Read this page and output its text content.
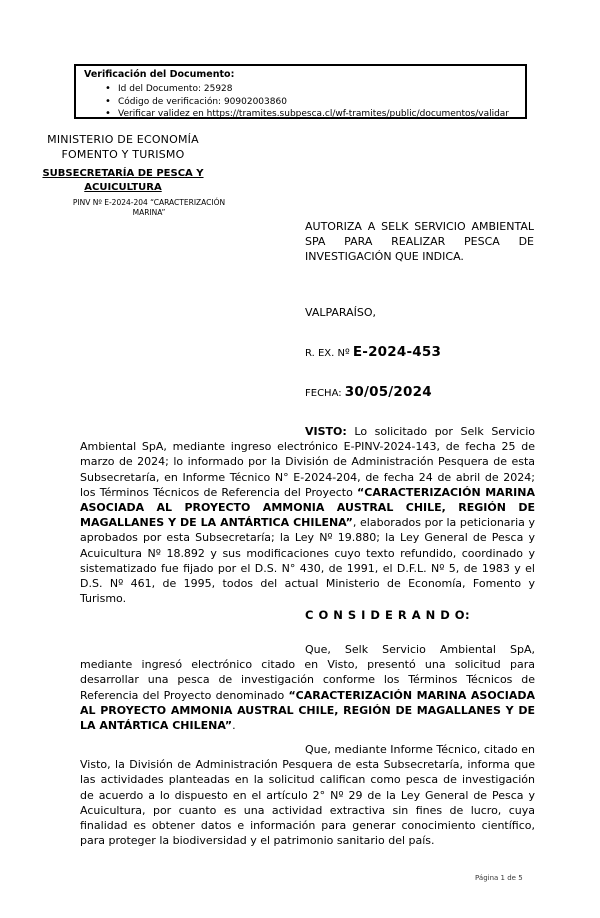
Verificación del Documento:
• Id del Documento: 25928
• Código de verificación: 90902003860
• Verificar validez en https://tramites.subpesca.cl/wf-tramites/public/documentos/validar
MINISTERIO DE ECONOMÍA
FOMENTO Y TURISMO
SUBSECRETARÍA DE PESCA Y
ACUICULTURA
PINV Nº E-2024-204 “CARACTERIZACIÓN MARINA”
AUTORIZA A SELK SERVICIO AMBIENTAL SPA PARA REALIZAR PESCA DE INVESTIGACIÓN QUE INDICA.
VALPARAÍSO,
R. EX. Nº E-2024-453
FECHA: 30/05/2024

VISTO: Lo solicitado por Selk Servicio Ambiental SpA, mediante ingreso electrónico E-PINV-2024-143, de fecha 25 de marzo de 2024; lo informado por la División de Administración Pesquera de esta Subsecretaría, en Informe Técnico N° E-2024-204, de fecha 24 de abril de 2024; los Términos Técnicos de Referencia del Proyecto “CARACTERIZACIÓN MARINA ASOCIADA AL PROYECTO AMMONIA AUSTRAL CHILE, REGIÓN DE MAGALLANES Y DE LA ANTÁRTICA CHILENA”, elaborados por la peticionaria y aprobados por esta Subsecretaría; la Ley Nº 19.880; la Ley General de Pesca y Acuicultura Nº 18.892 y sus modificaciones cuyo texto refundido, coordinado y sistematizado fue fijado por el D.S. N° 430, de 1991, el D.F.L. Nº 5, de 1983 y el D.S. Nº 461, de 1995, todos del actual Ministerio de Economía, Fomento y Turismo.

C O N S I D E R A N D O:

Que, Selk Servicio Ambiental SpA, mediante ingresó electrónico citado en Visto, presentó una solicitud para desarrollar una pesca de investigación conforme los Términos Técnicos de Referencia del Proyecto denominado “CARACTERIZACIÓN MARINA ASOCIADA AL PROYECTO AMMONIA AUSTRAL CHILE, REGIÓN DE MAGALLANES Y DE LA ANTÁRTICA CHILENA”.

Que, mediante Informe Técnico, citado en Visto, la División de Administración Pesquera de esta Subsecretaría, informa que las actividades planteadas en la solicitud califican como pesca de investigación de acuerdo a lo dispuesto en el artículo 2° Nº 29 de la Ley General de Pesca y Acuicultura, por cuanto es una actividad extractiva sin fines de lucro, cuya finalidad es obtener datos e información para generar conocimiento científico, para proteger la biodiversidad y el patrimonio sanitario del país.

Página 1 de 5
